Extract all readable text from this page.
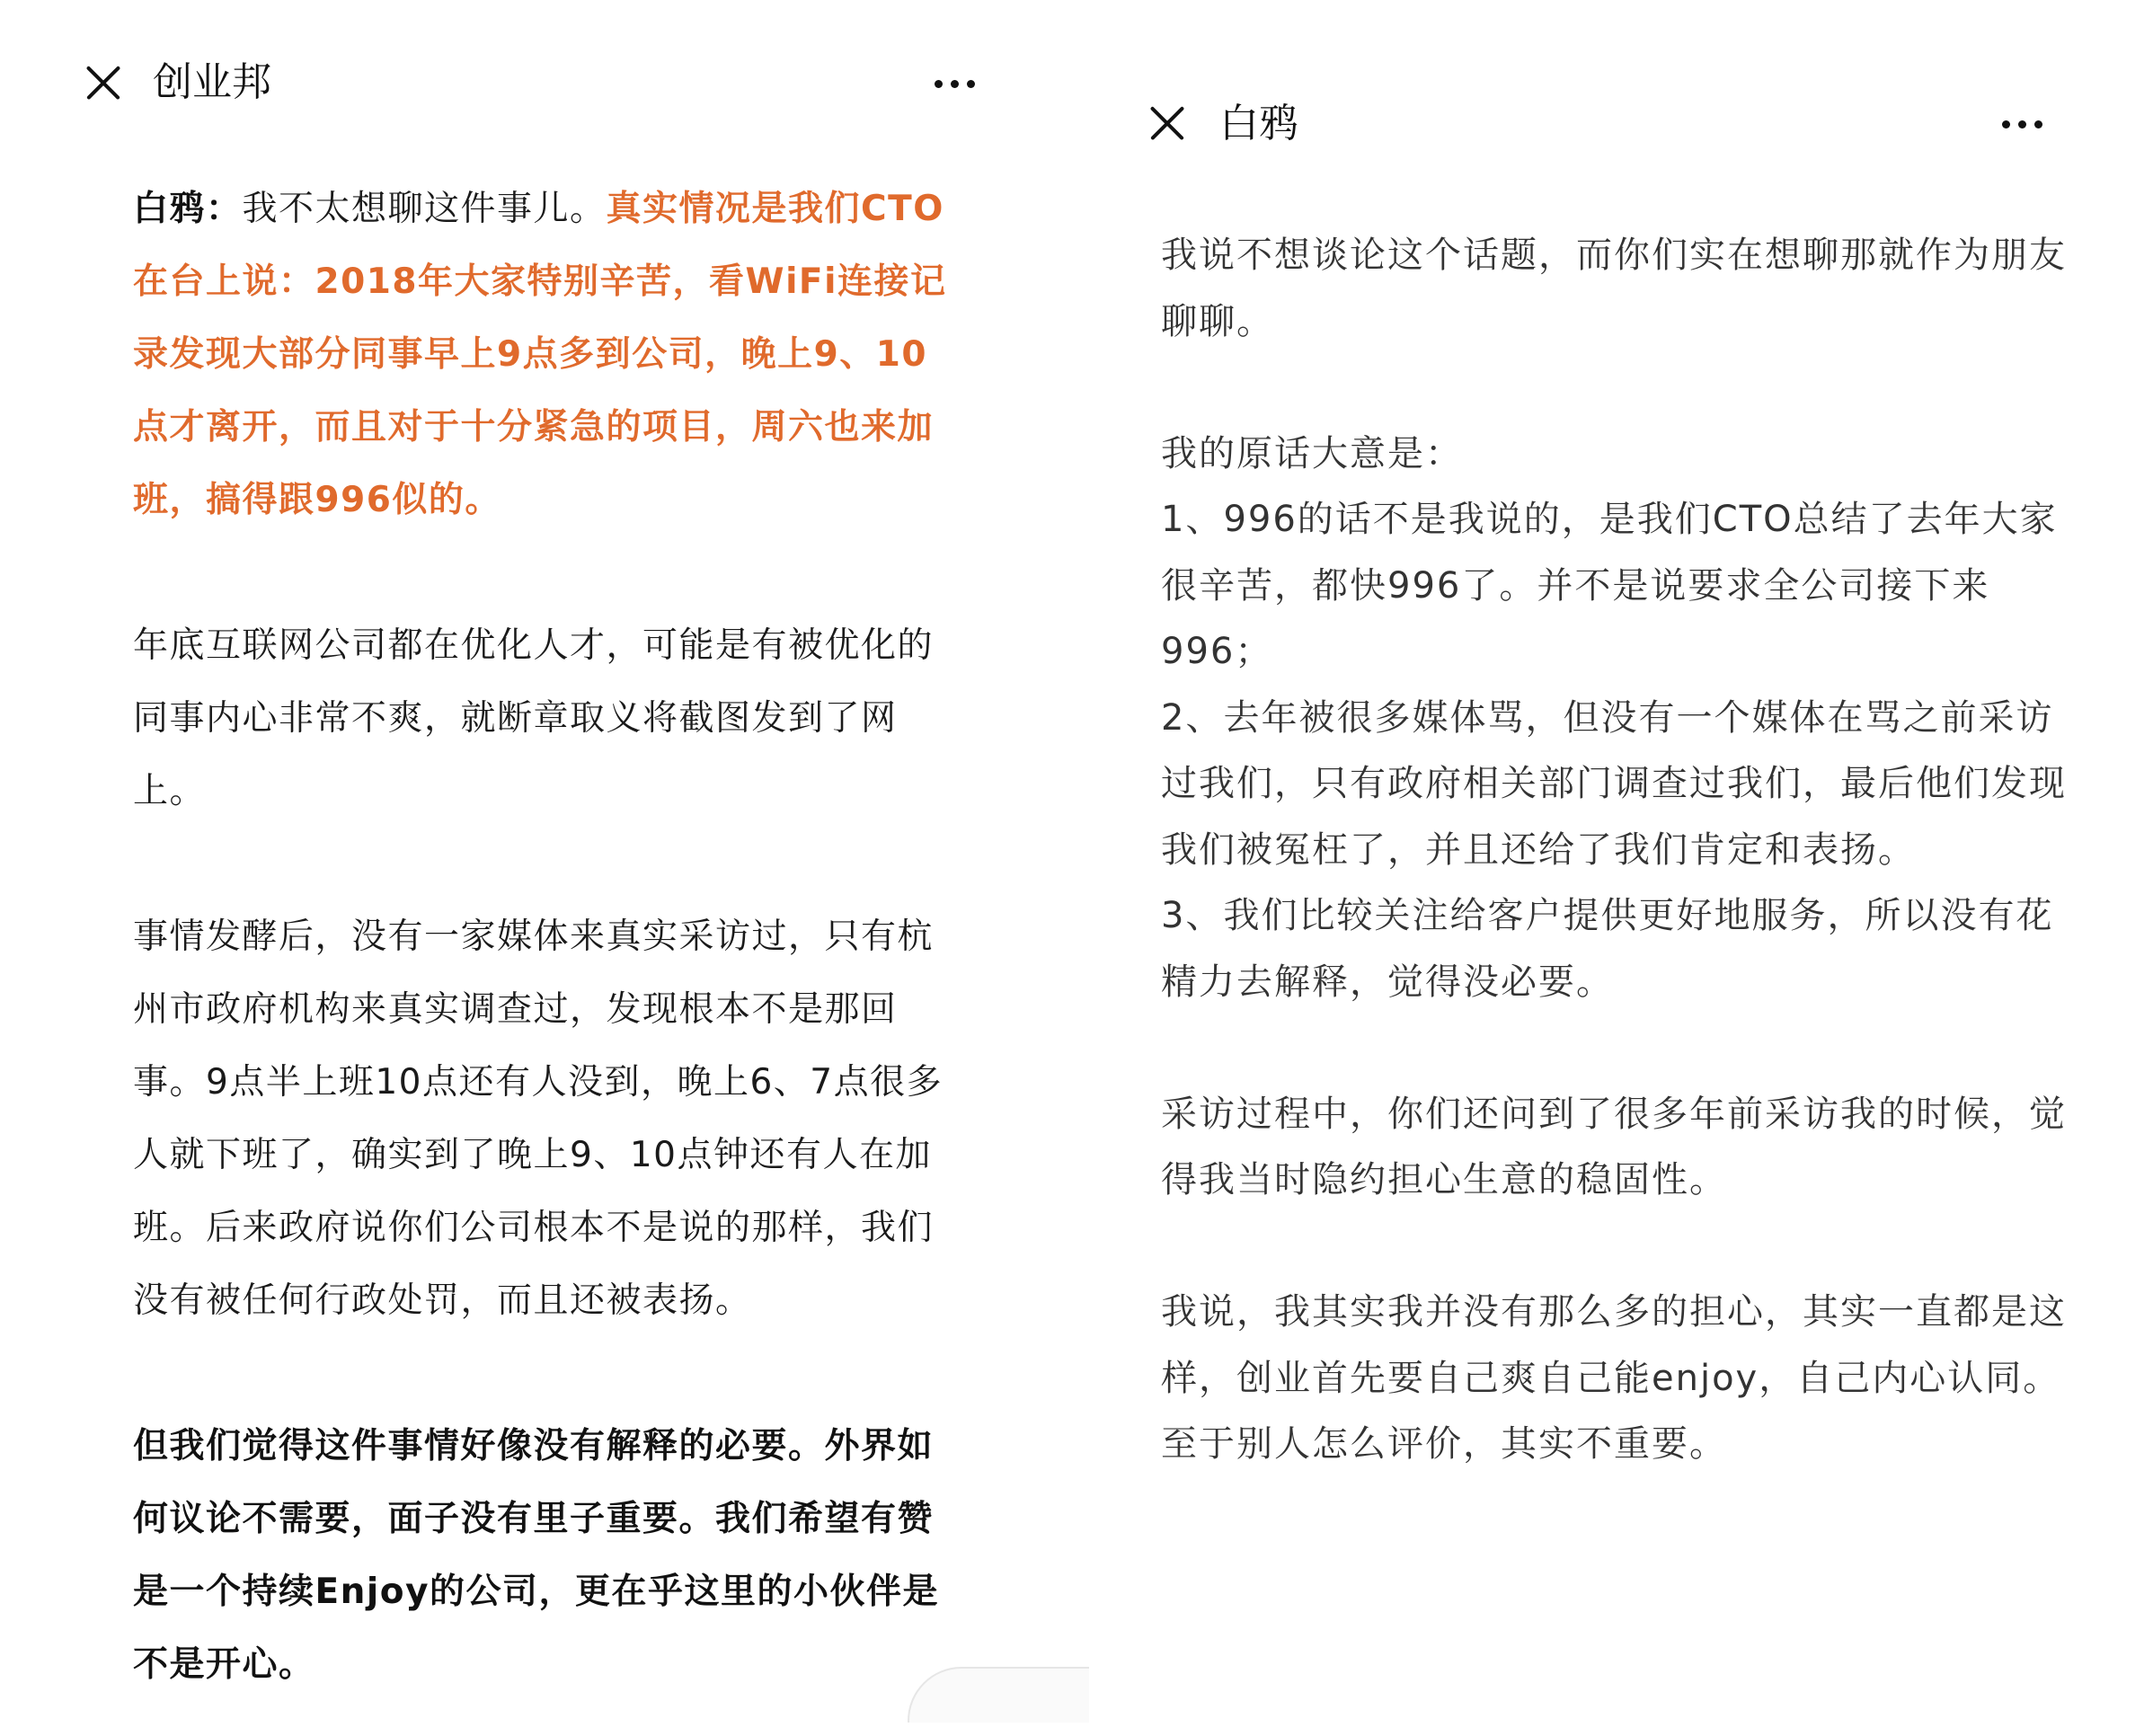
创业邦

白鸦：我不太想聊这件事儿。真实情况是我们CTO在台上说：2018年大家特别辛苦，看WiFi连接记录发现大部分同事早上9点多到公司，晚上9、10点才离开，而且对于十分紧急的项目，周六也来加班，搞得跟996似的。

年底互联网公司都在优化人才，可能是有被优化的同事内心非常不爽，就断章取义将截图发到了网上。

事情发酵后，没有一家媒体来真实采访过，只有杭州市政府机构来真实调查过，发现根本不是那回事。9点半上班10点还有人没到，晚上6、7点很多人就下班了，确实到了晚上9、10点钟还有人在加班。后来政府说你们公司根本不是说的那样，我们没有被任何行政处罚，而且还被表扬。

但我们觉得这件事情好像没有解释的必要。外界如何议论不需要，面子没有里子重要。我们希望有赞是一个持续Enjoy的公司，更在乎这里的小伙伴是不是开心。

白鸦

我说不想谈论这个话题，而你们实在想聊那就作为朋友聊聊。

我的原话大意是：

1、996的话不是我说的，是我们CTO总结了去年大家很辛苦，都快996了。并不是说要求全公司接下来996；

2、去年被很多媒体骂，但没有一个媒体在骂之前采访过我们，只有政府相关部门调查过我们，最后他们发现我们被冤枉了，并且还给了我们肯定和表扬。

3、我们比较关注给客户提供更好地服务，所以没有花精力去解释，觉得没必要。

采访过程中，你们还问到了很多年前采访我的时候，觉得我当时隐约担心生意的稳固性。

我说，我其实我并没有那么多的担心，其实一直都是这样，创业首先要自己爽自己能enjoy，自己内心认同。至于别人怎么评价，其实不重要。
